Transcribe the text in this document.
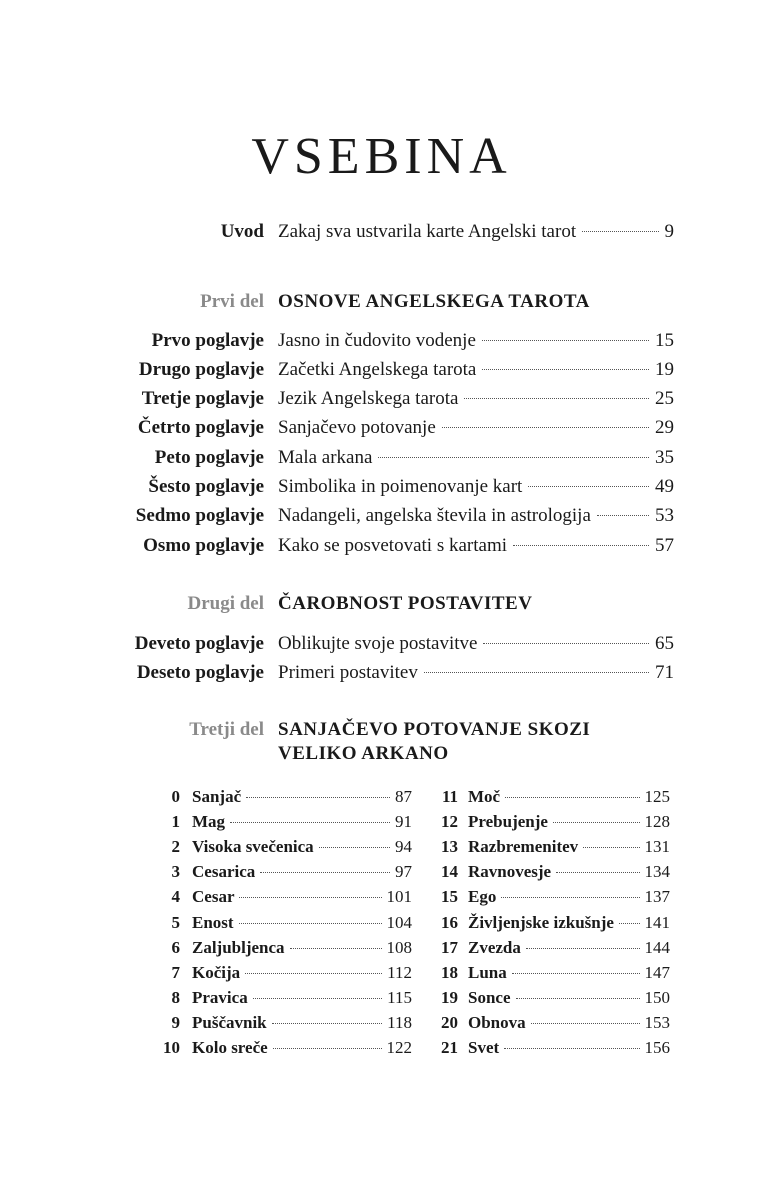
VSEBINA
Uvod Zakaj sva ustvarila karte Angelski tarot	9
Prvi del OSNOVE ANGELSKEGA TAROTA
Prvo poglavje Jasno in čudovito vodenje	15
Drugo poglavje Začetki Angelskega tarota	19
Tretje poglavje Jezik Angelskega tarota	25
Četrto poglavje Sanjačevo potovanje	29
Peto poglavje Mala arkana	35
Šesto poglavje Simbolika in poimenovanje kart	49
Sedmo poglavje Nadangeli, angelska števila in astrologija	53
Osmo poglavje Kako se posvetovati s kartami	57
Drugi del ČAROBNOST POSTAVITEV
Deveto poglavje Oblikujte svoje postavitve	65
Deseto poglavje Primeri postavitev	71
Tretji del SANJAČEVO POTOVANJE SKOZI
VELIKO ARKANO
0 Sanjač	87
1 Mag	91
2 Visoka svečenica	94
3 Cesarica	97
4 Cesar	101
5 Enost	104
6 Zaljubljenca	108
7 Kočija	112
8 Pravica	115
9 Puščavnik	118
10 Kolo sreče	122
11 Moč	125
12 Prebujenje	128
13 Razbremenitev	131
14 Ravnovesje	134
15 Ego	137
16 Življenjske izkušnje 141
17 Zvezda	144
18 Luna	147
19 Sonce	150
20 Obnova	153
21 Svet	156
